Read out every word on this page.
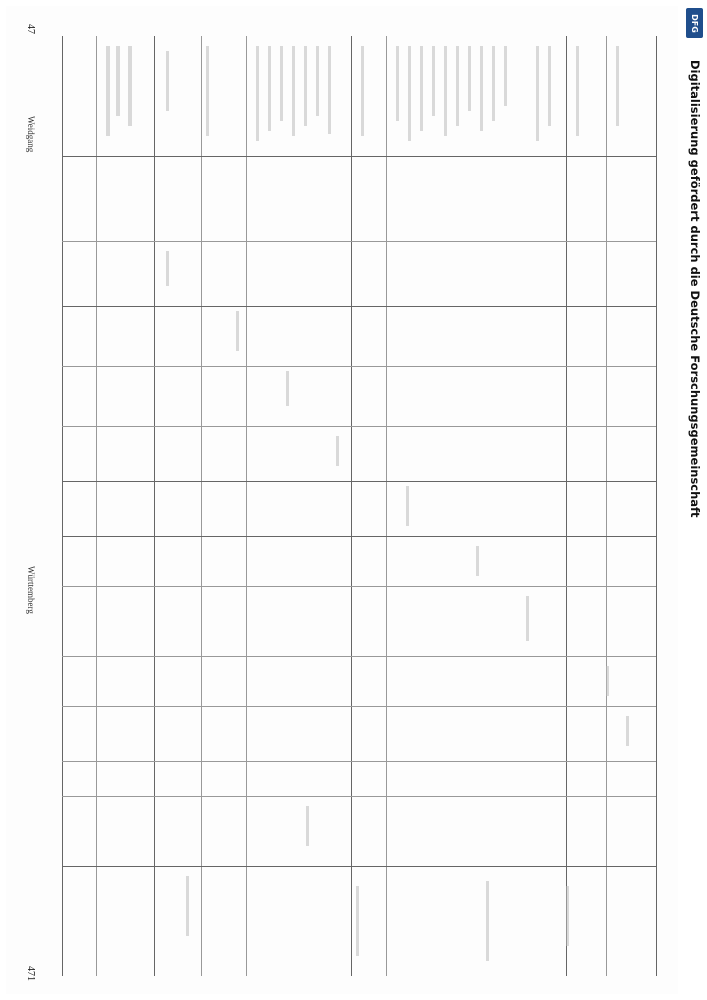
47
Weidgang
Württemberg
471
DFG
Digitalisierung gefördert durch die Deutsche Forschungsgemeinschaft
